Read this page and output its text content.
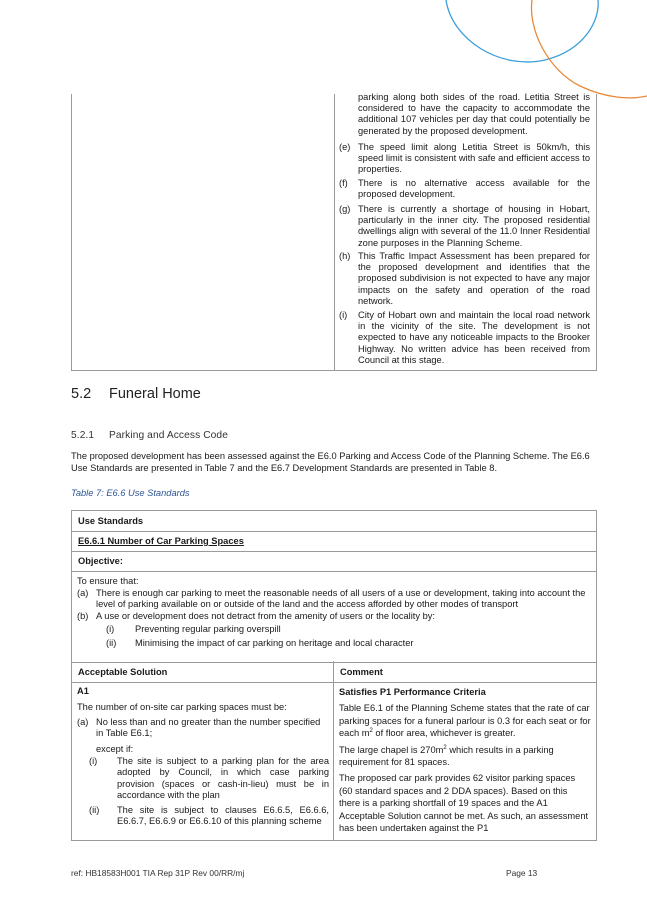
parking along both sides of the road. Letitia Street is considered to have the capacity to accommodate the additional 107 vehicles per day that could potentially be generated by the proposed development.

(e) The speed limit along Letitia Street is 50km/h, this speed limit is consistent with safe and efficient access to properties.
(f) There is no alternative access available for the proposed development.
(g) There is currently a shortage of housing in Hobart, particularly in the inner city. The proposed residential dwellings align with several of the 11.0 Inner Residential zone purposes in the Planning Scheme.
(h) This Traffic Impact Assessment has been prepared for the proposed development and identifies that the proposed subdivision is not expected to have any major impacts on the safety and operation of the road network.
(i) City of Hobart own and maintain the local road network in the vicinity of the site. The development is not expected to have any noticeable impacts to the Brooker Highway. No written advice has been received from Council at this stage.
5.2 Funeral Home
5.2.1 Parking and Access Code

The proposed development has been assessed against the E6.0 Parking and Access Code of the Planning Scheme. The E6.6 Use Standards are presented in Table 7 and the E6.7 Development Standards are presented in Table 8.

Table 7: E6.6 Use Standards

Use Standards
E6.6.1 Number of Car Parking Spaces
Objective:
Acceptable Solution	Comment

To ensure that:

(a) There is enough car parking to meet the reasonable needs of all users of a use or development, taking into account the level of parking available on or outside of the land and the access afforded by other modes of transport
(b) A use or development does not detract from the amenity of users or the locality by:
(i) Preventing regular parking overspill
(ii) Minimising the impact of car parking on heritage and local character
A1
The number of on-site car parking spaces must be:
(a) No less than and no greater than the number specified in Table E6.1;
except if:
(i) The site is subject to a parking plan for the area adopted by Council, in which case parking provision (spaces or cash-in-lieu) must be in accordance with the plan
(ii) The site is subject to clauses E6.6.5, E6.6.6, E6.6.7, E6.6.9 or E6.6.10 of this planning scheme
Satisfies P1 Performance Criteria
Table E6.1 of the Planning Scheme states that the rate of car parking spaces for a funeral parlour is 0.3 for each seat or for each $m^2$ of floor area, whichever is greater.
The large chapel is $270m^2$ which results in a parking requirement for 81 spaces.
The proposed car park provides 62 visitor parking spaces (60 standard spaces and 2 DDA spaces). Based on this there is a parking shortfall of 19 spaces and the A1 Acceptable Solution cannot be met. As such, an assessment has been undertaken against the P1
ref: HB18583H001 TIA Rep 31P Rev 00/RR/mj	Page 13
